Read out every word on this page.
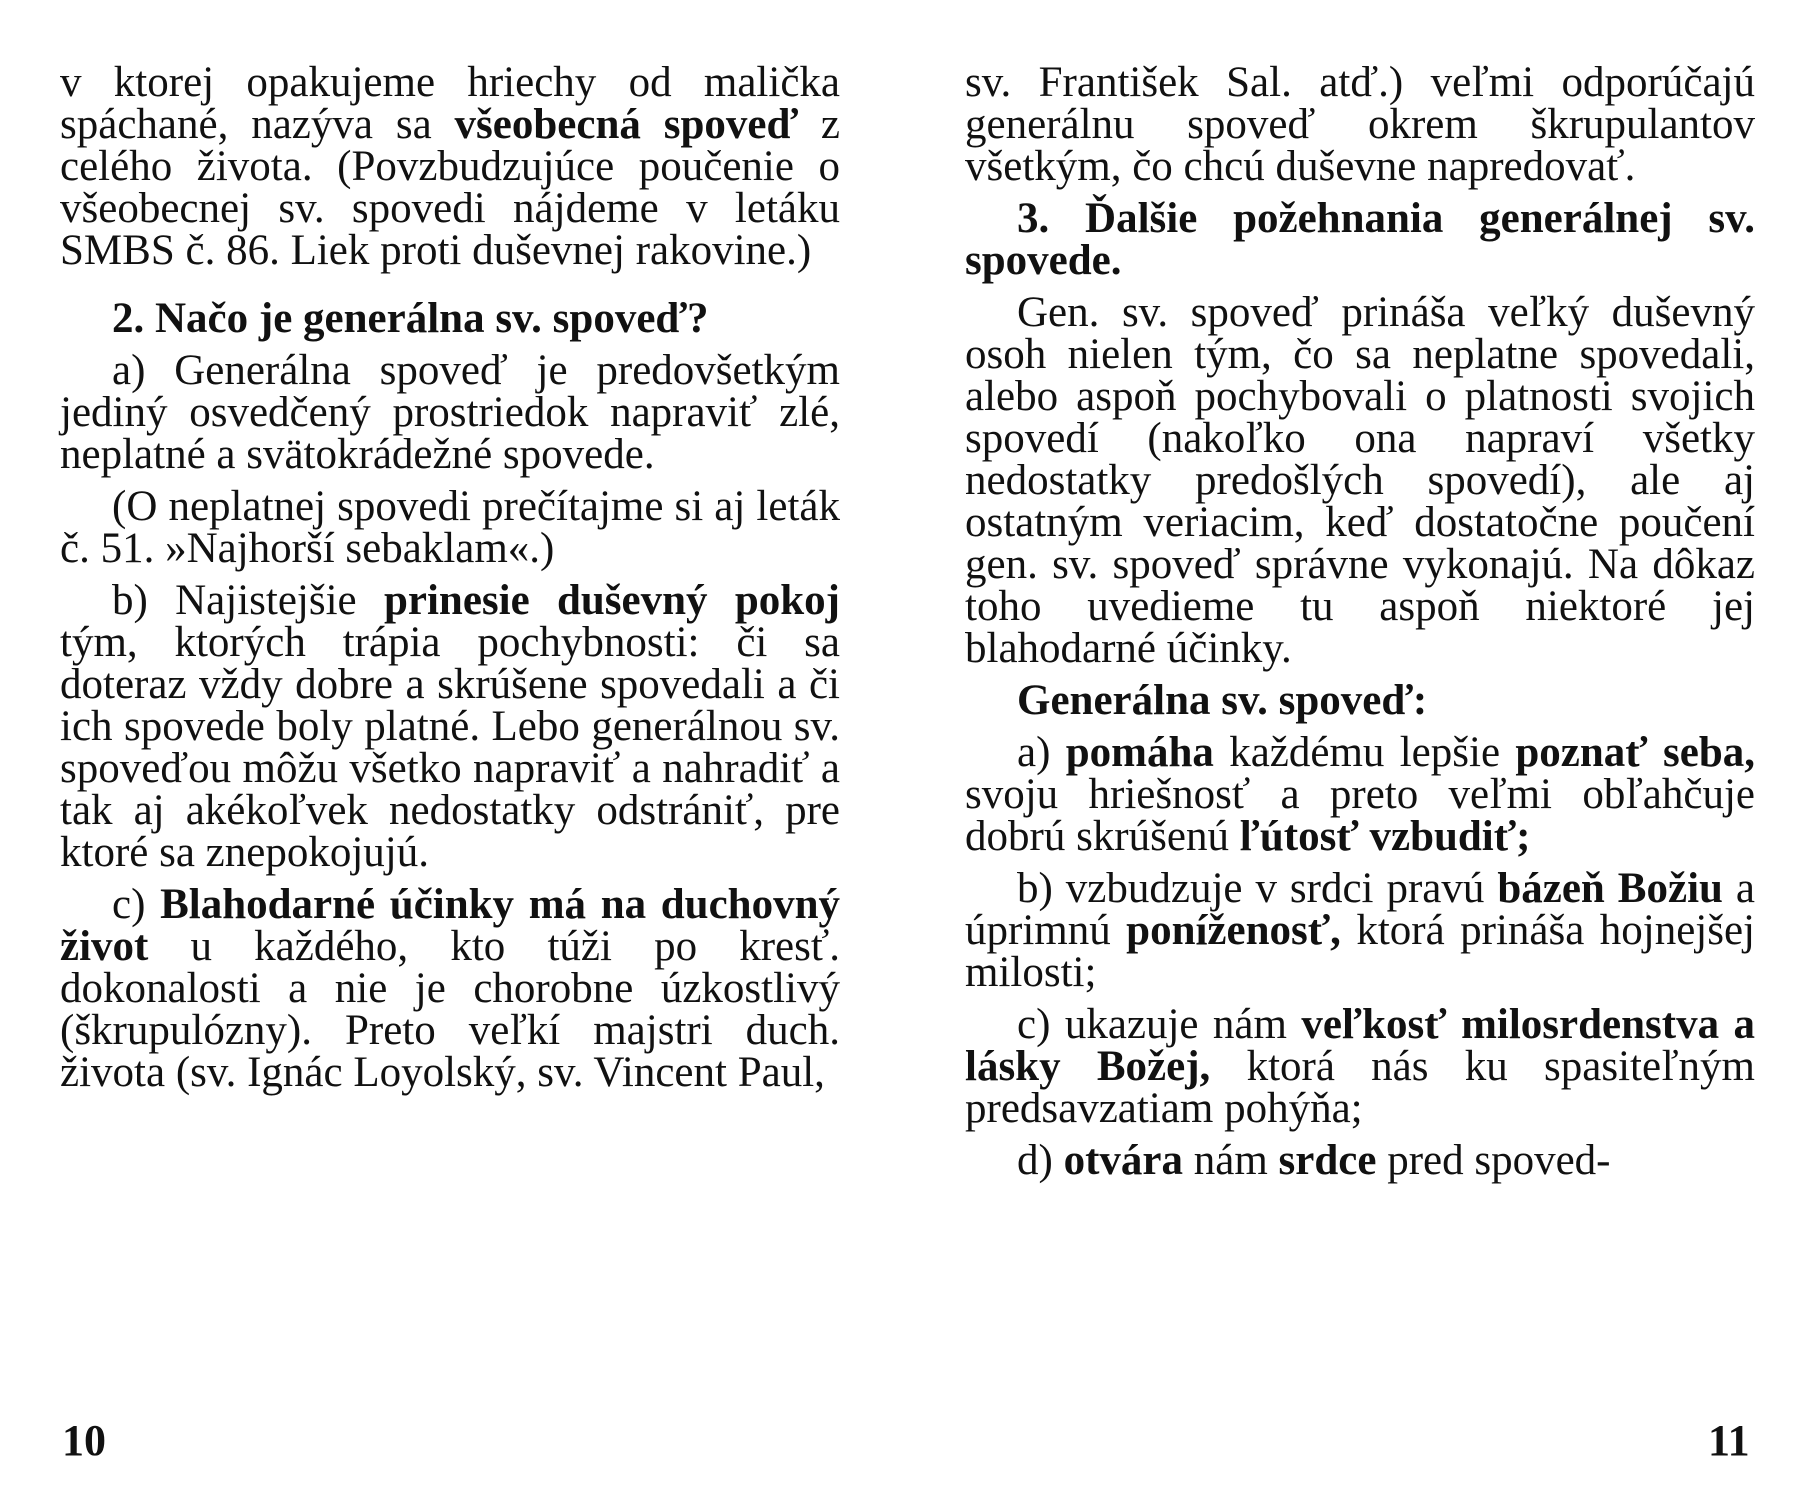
v ktorej opakujeme hriechy od malička spáchané, nazýva sa všeobecná spoveď z celého života. (Povzbudzujúce poučenie o všeobecnej sv. spovedi nájdeme v letáku SMBS č. 86. Liek proti duševnej rakovine.)

2. Načo je generálna sv. spoveď?

a) Generálna spoveď je predovšetkým jediný osvedčený prostriedok napraviť zlé, neplatné a svätokrádežné spovede.

(O neplatnej spovedi prečítajme si aj leták č. 51. »Najhorší sebaklam«.)

b) Najistejšie prinesie duševný pokoj tým, ktorých trápia pochybnosti: či sa doteraz vždy dobre a skrúšene spovedali a či ich spovede boly platné. Lebo generálnou sv. spoveďou môžu všetko napraviť a nahradiť a tak aj akékoľvek nedostatky odstrániť, pre ktoré sa znepokojujú.

c) Blahodarné účinky má na duchovný život u každého, kto túži po kresť. dokonalosti a nie je chorobne úzkostlivý (škrupulózny). Preto veľkí majstri duch. života (sv. Ignác Loyolský, sv. Vincent Paul,

10

sv. František Sal. atď.) veľmi odporúčajú generálnu spoveď okrem škrupulantov všetkým, čo chcú duševne napredovať.

3. Ďalšie požehnania generálnej sv. spovede.

Gen. sv. spoveď prináša veľký duševný osoh nielen tým, čo sa neplatne spovedali, alebo aspoň pochybovali o platnosti svojich spovedí (nakoľko ona napraví všetky nedostatky predošlých spovedí), ale aj ostatným veriacim, keď dostatočne poučení gen. sv. spoveď správne vykonajú. Na dôkaz toho uvedieme tu aspoň niektoré jej blahodarné účinky.

Generálna sv. spoveď:

a) pomáha každému lepšie poznať seba, svoju hriešnosť a preto veľmi obľahčuje dobrú skrúšenú ľútosť vzbudiť;

b) vzbudzuje v srdci pravú bázeň Božiu a úprimnú poníženosť, ktorá prináša hojnejšej milosti;

c) ukazuje nám veľkosť milosrdenstva a lásky Božej, ktorá nás ku spasiteľným predsavzatiam pohýňa;

d) otvára nám srdce pred spoved-

11
